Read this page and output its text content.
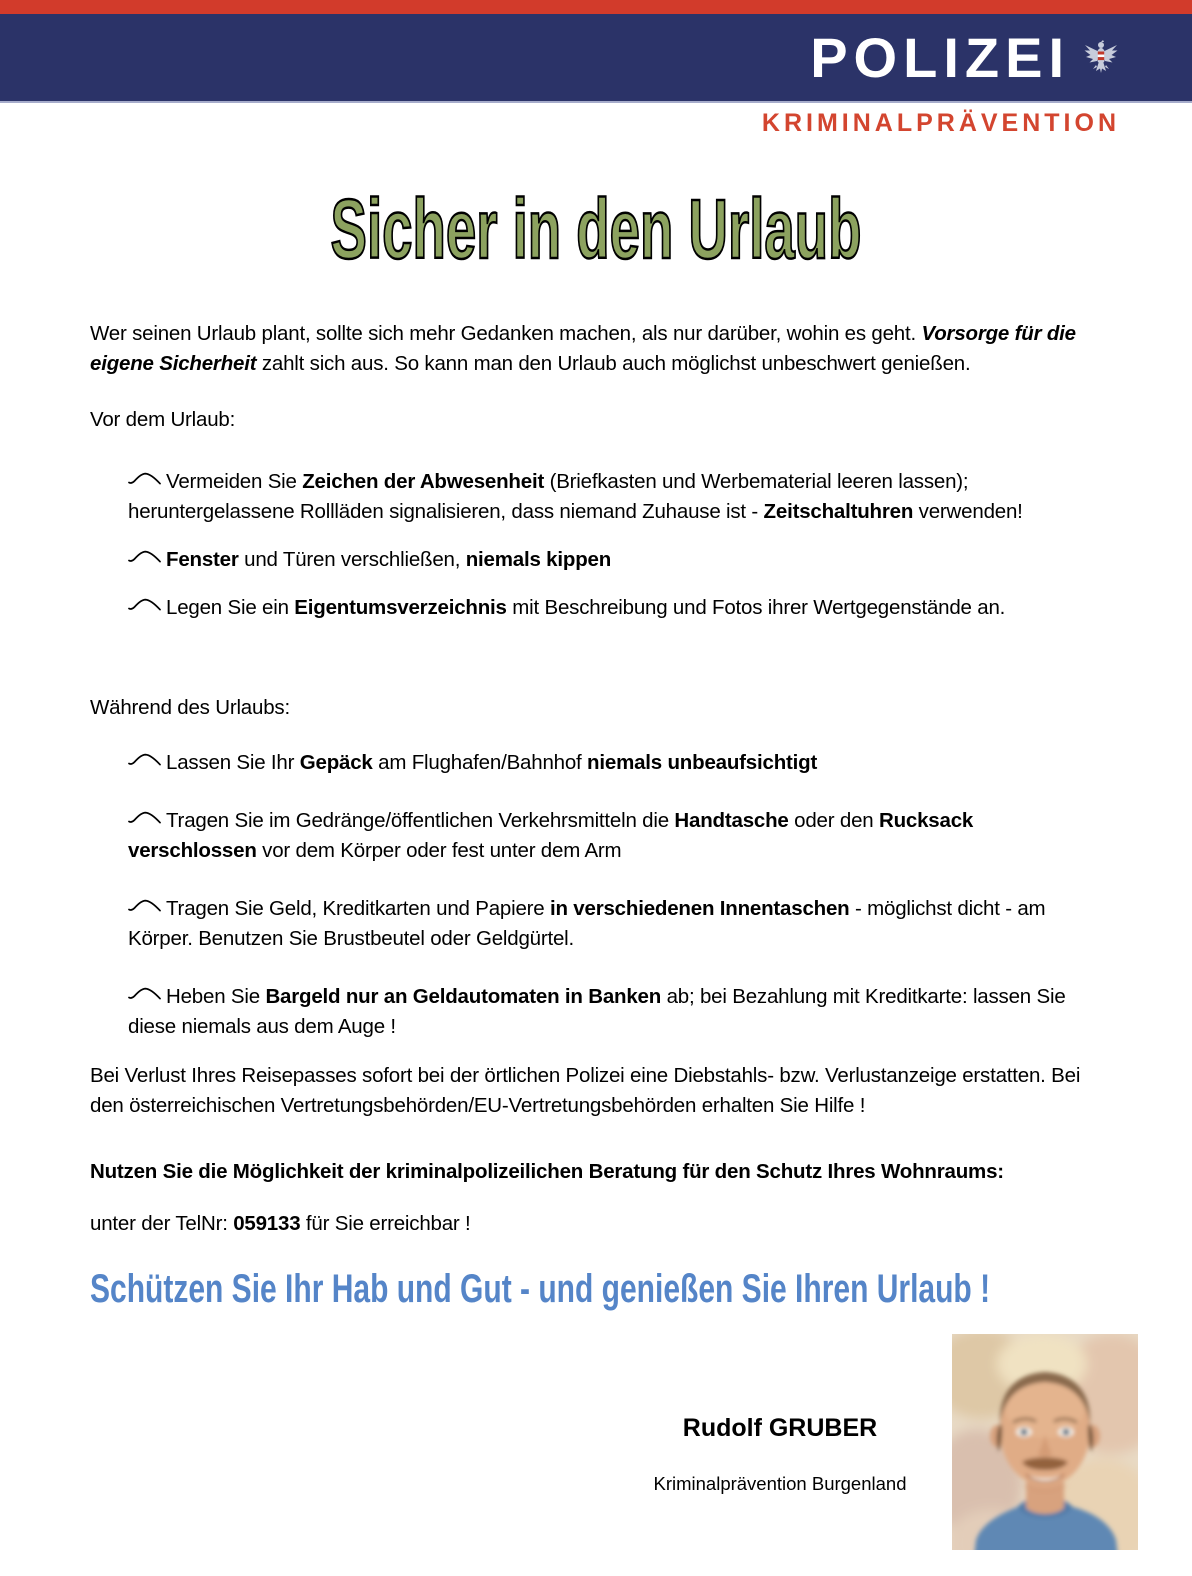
POLIZEI
KRIMINALPRÄVENTION
Sicher in den Urlaub

Wer seinen Urlaub plant, sollte sich mehr Gedanken machen, als nur darüber, wohin es geht. Vorsorge für die eigene Sicherheit zahlt sich aus. So kann man den Urlaub auch möglichst unbeschwert genießen.

Vor dem Urlaub:

Vermeiden Sie Zeichen der Abwesenheit (Briefkasten und Werbematerial leeren lassen); heruntergelassene Rollläden signalisieren, dass niemand Zuhause ist - Zeitschaltuhren verwenden!
Fenster und Türen verschließen, niemals kippen
Legen Sie ein Eigentumsverzeichnis mit Beschreibung und Fotos ihrer Wertgegenstände an.

Während des Urlaubs:

Lassen Sie Ihr Gepäck am Flughafen/Bahnhof niemals unbeaufsichtigt
Tragen Sie im Gedränge/öffentlichen Verkehrsmitteln die Handtasche oder den Rucksack verschlossen vor dem Körper oder fest unter dem Arm
Tragen Sie Geld, Kreditkarten und Papiere in verschiedenen Innentaschen - möglichst dicht - am Körper. Benutzen Sie Brustbeutel oder Geldgürtel.
Heben Sie Bargeld nur an Geldautomaten in Banken ab; bei Bezahlung mit Kreditkarte: lassen Sie diese niemals aus dem Auge !

Bei Verlust Ihres Reisepasses sofort bei der örtlichen Polizei eine Diebstahls- bzw. Verlustanzeige erstatten. Bei den österreichischen Vertretungsbehörden/EU-Vertretungsbehörden erhalten Sie Hilfe !

Nutzen Sie die Möglichkeit der kriminalpolizeilichen Beratung für den Schutz Ihres Wohnraums:

unter der TelNr: 059133 für Sie erreichbar !

Schützen Sie Ihr Hab und Gut - und genießen Sie Ihren Urlaub !
Rudolf GRUBER
Kriminalprävention Burgenland
